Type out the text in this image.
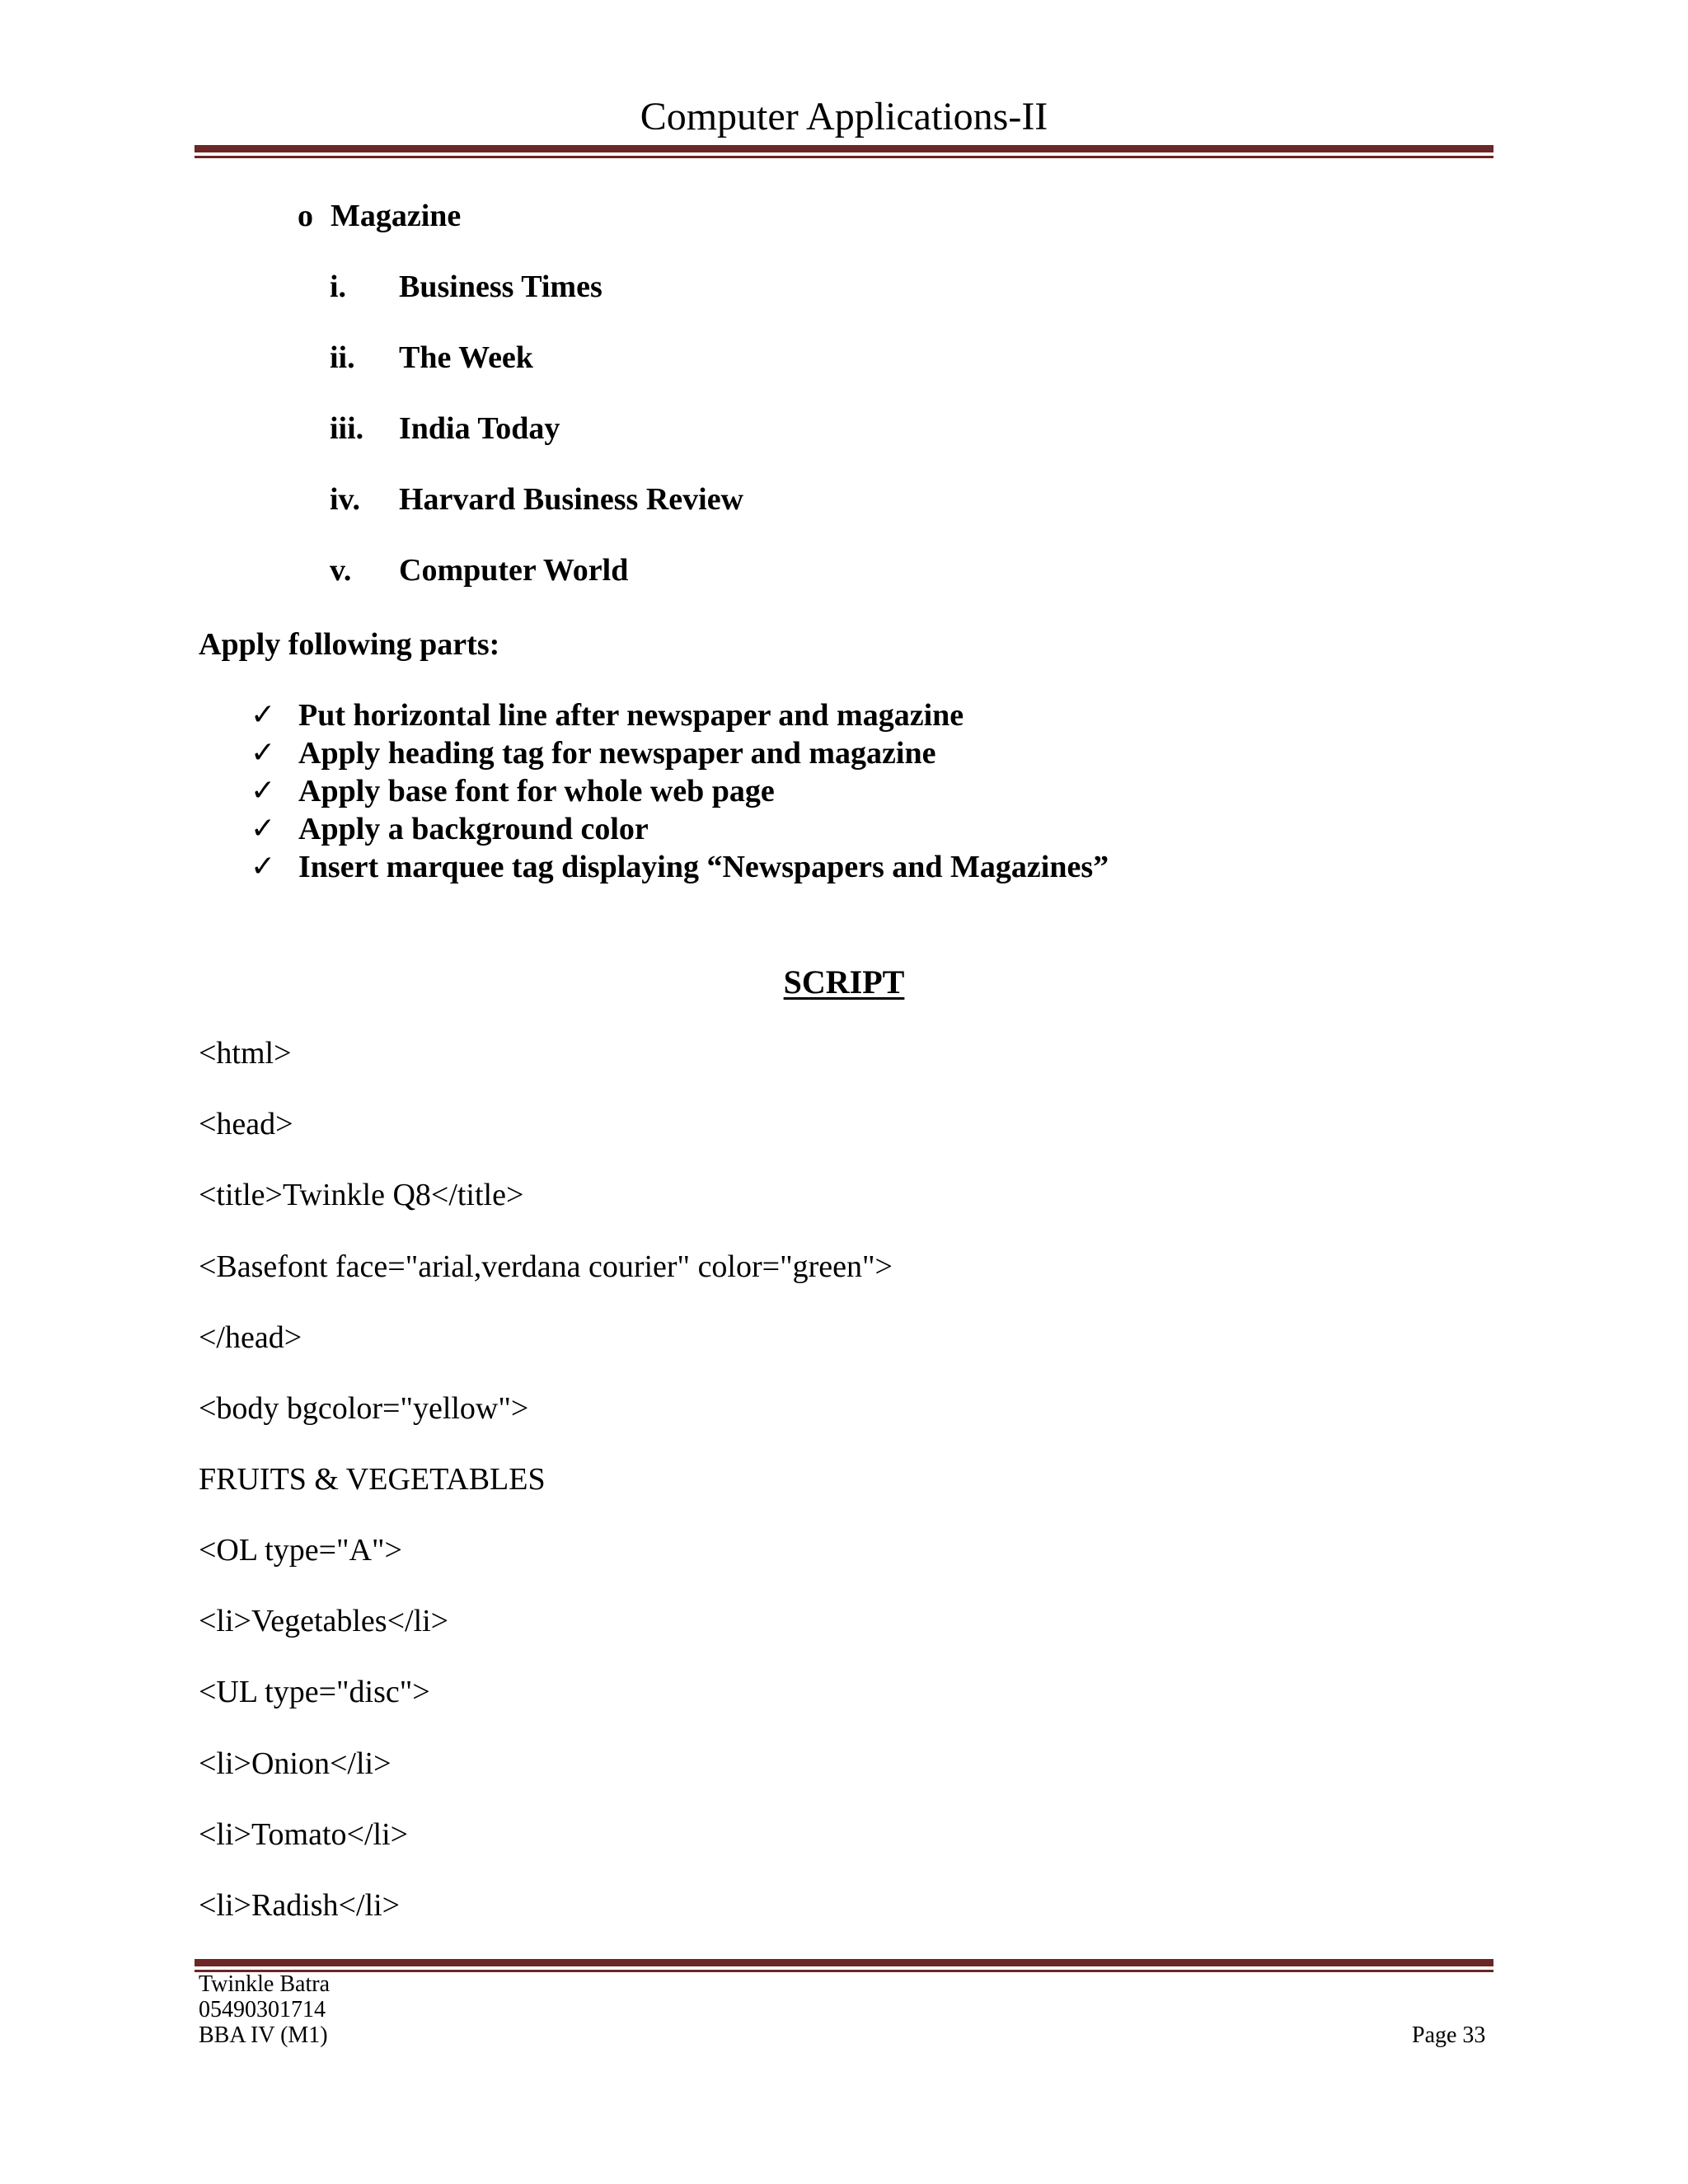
Computer Applications-II
o Magazine
i. Business Times
ii. The Week
iii. India Today
iv. Harvard Business Review
v. Computer World
Apply following parts:
✓ Put horizontal line after newspaper and magazine
✓ Apply heading tag for newspaper and magazine
✓ Apply base font for whole web page
✓ Apply a background color
✓ Insert marquee tag displaying “Newspapers and Magazines”
SCRIPT
<html>
<head>
<title>Twinkle Q8</title>
<Basefont face="arial,verdana courier" color="green">
</head>
<body bgcolor="yellow">
FRUITS & VEGETABLES
<OL type="A">
<li>Vegetables</li>
<UL type="disc">
<li>Onion</li>
<li>Tomato</li>
<li>Radish</li>
Twinkle Batra
05490301714
BBA IV (M1)	Page 33
